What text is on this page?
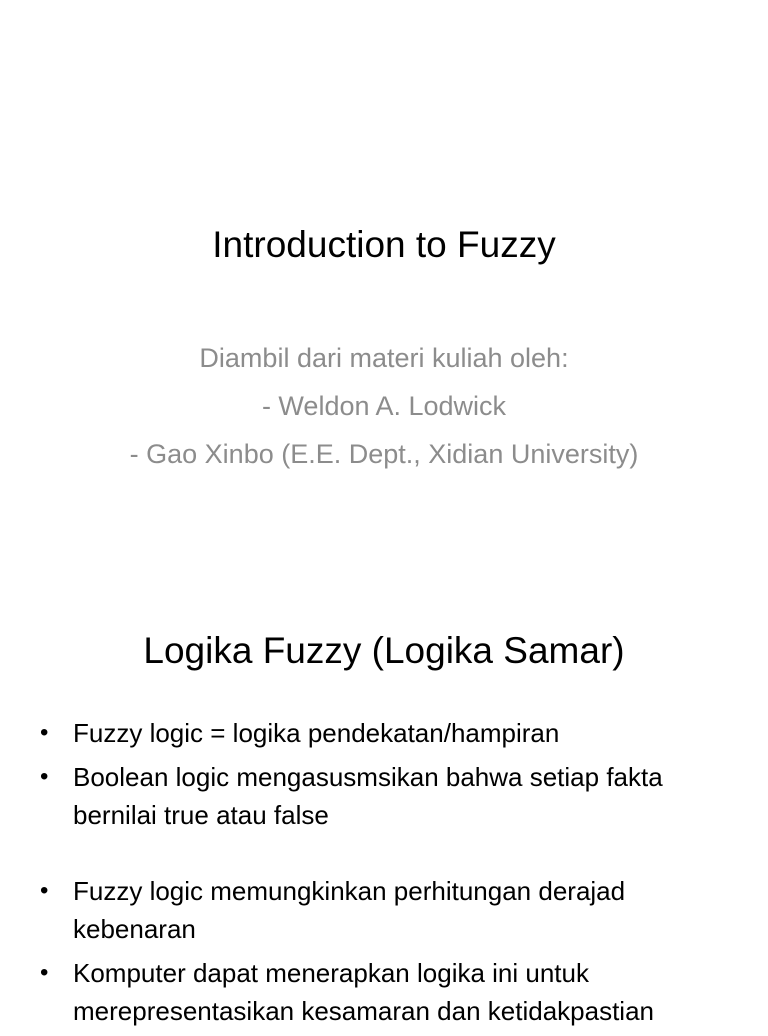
Introduction to Fuzzy
Diambil dari materi kuliah oleh:
- Weldon A. Lodwick
- Gao Xinbo (E.E. Dept., Xidian University)
Logika Fuzzy (Logika Samar)
• Fuzzy logic = logika pendekatan/hampiran
• Boolean logic mengasusmsikan bahwa setiap fakta bernilai true atau false
• Fuzzy logic memungkinkan perhitungan derajad kebenaran
• Komputer dapat menerapkan logika ini untuk merepresentasikan kesamaran dan ketidakpastian
